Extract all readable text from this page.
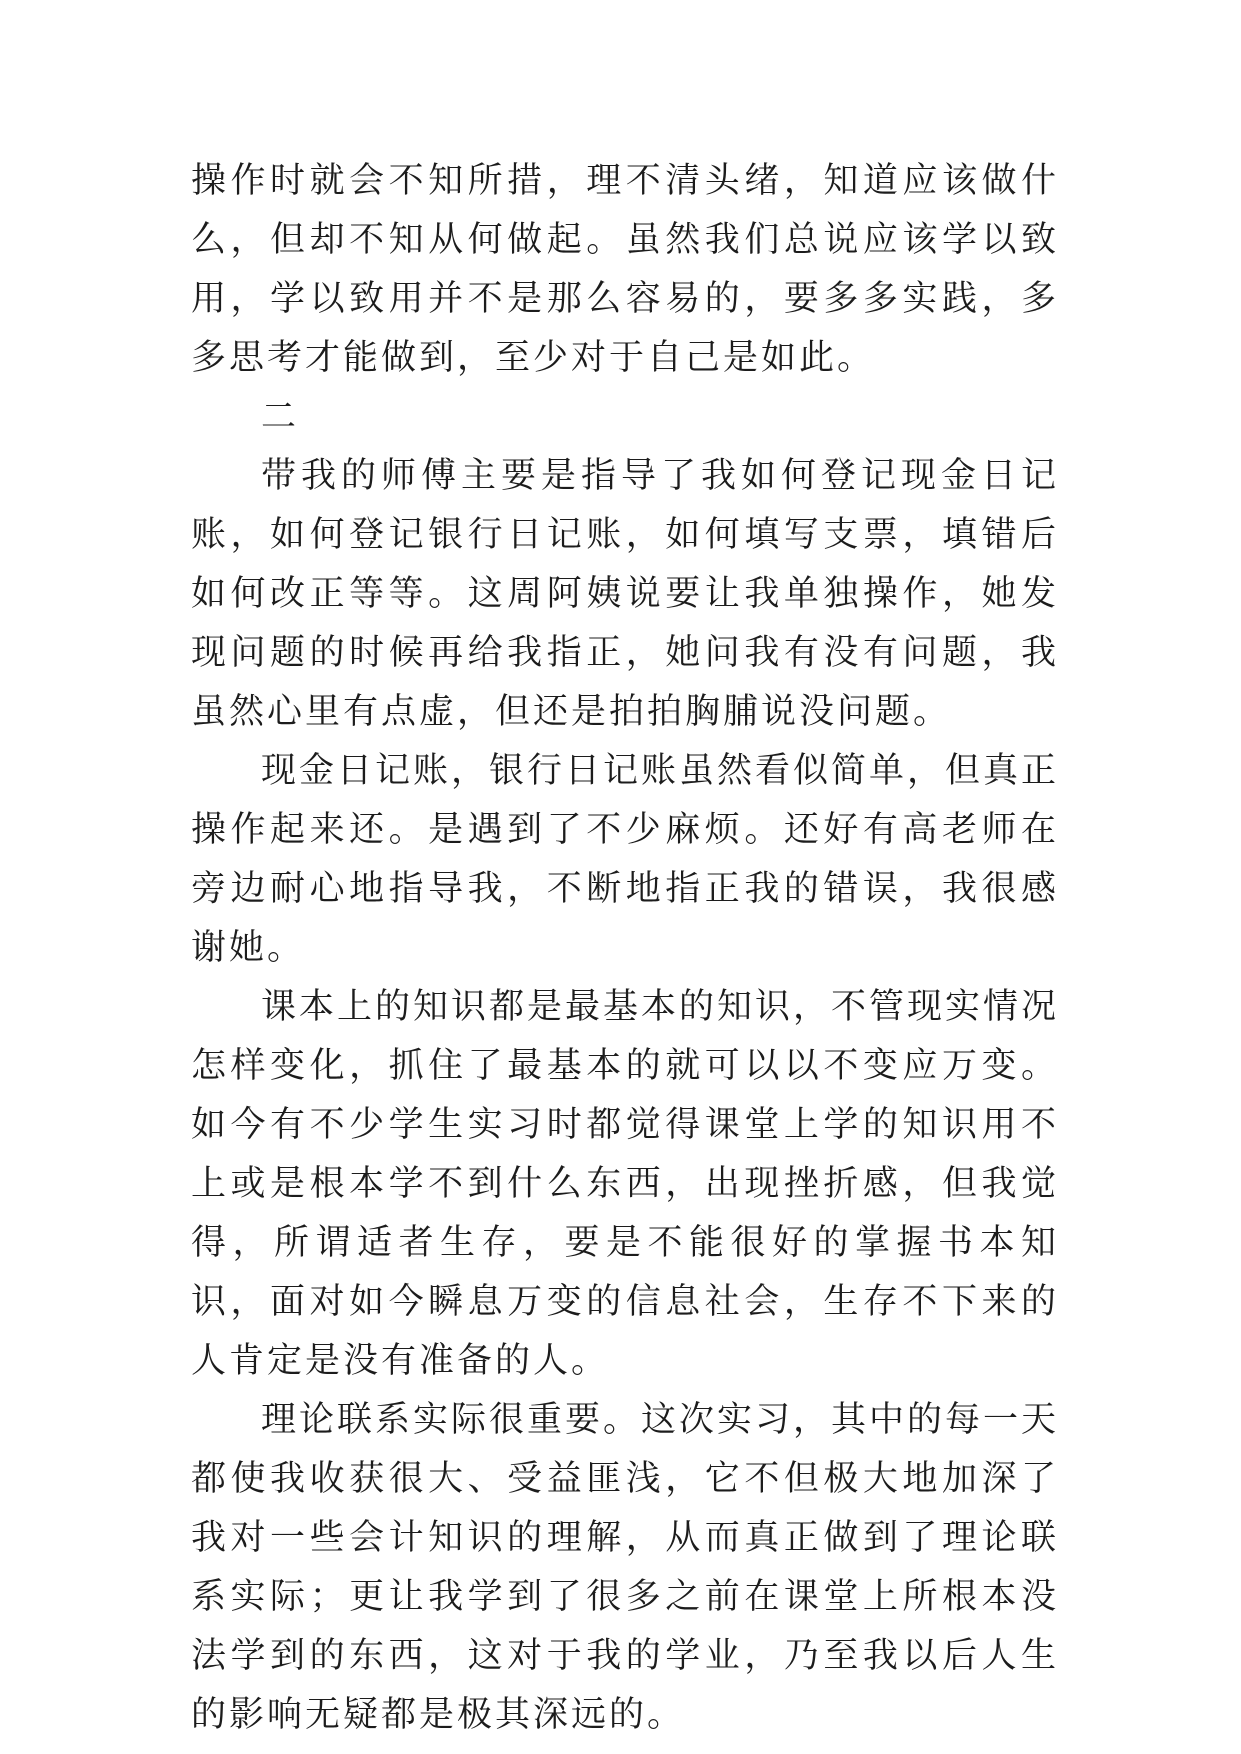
操作时就会不知所措，理不清头绪，知道应该做什么，但却不知从何做起。虽然我们总说应该学以致用，学以致用并不是那么容易的，要多多实践，多多思考才能做到，至少对于自己是如此。

二

带我的师傅主要是指导了我如何登记现金日记账，如何登记银行日记账，如何填写支票，填错后如何改正等等。这周阿姨说要让我单独操作，她发现问题的时候再给我指正，她问我有没有问题，我虽然心里有点虚，但还是拍拍胸脯说没问题。

现金日记账，银行日记账虽然看似简单，但真正操作起来还。是遇到了不少麻烦。还好有高老师在旁边耐心地指导我，不断地指正我的错误，我很感谢她。

课本上的知识都是最基本的知识，不管现实情况怎样变化，抓住了最基本的就可以以不变应万变。如今有不少学生实习时都觉得课堂上学的知识用不上或是根本学不到什么东西，出现挫折感，但我觉得，所谓适者生存，要是不能很好的掌握书本知识，面对如今瞬息万变的信息社会，生存不下来的人肯定是没有准备的人。

理论联系实际很重要。这次实习，其中的每一天都使我收获很大、受益匪浅，它不但极大地加深了我对一些会计知识的理解，从而真正做到了理论联系实际；更让我学到了很多之前在课堂上所根本没法学到的东西，这对于我的学业，乃至我以后人生的影响无疑都是极其深远的。
